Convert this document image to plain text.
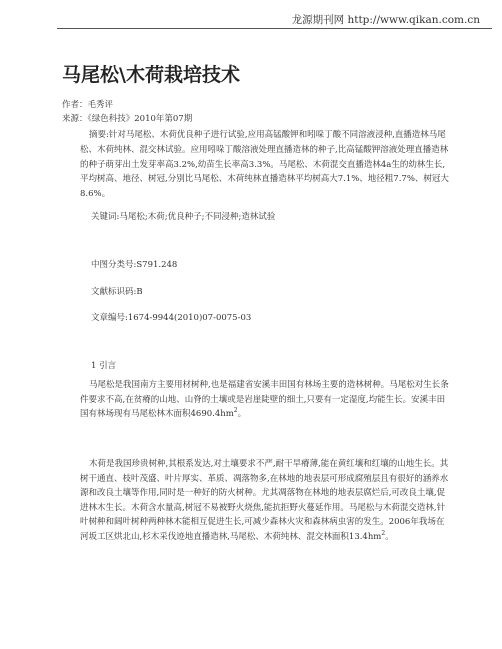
龙源期刊网 http://www.qikan.com.cn
马尾松\木荷栽培技术
作者：毛秀评
来源：《绿色科技》2010年第07期

摘要:针对马尾松、木荷优良种子进行试验,应用高锰酸钾和吲哚丁酸不同溶液浸种,直播造林马尾松、木荷纯林、混交林试验。应用吲哚丁酸溶液处理直播造林的种子,比高锰酸钾溶液处理直播造林的种子萌芽出土发芽率高3.2%,幼苗生长率高3.3%。马尾松、木荷混交直播造林4a生的幼林生长,平均树高、地径、树冠,分别比马尾松、木荷纯林直播造林平均树高大7.1%、地径粗7.7%、树冠大8.6%。

关键词:马尾松;木荷;优良种子;不同浸种;造林试验
中图分类号:S791.248
文献标识码:B
文章编号:1674-9944(2010)07-0075-03
1 引言

马尾松是我国南方主要用材树种,也是福建省安溪丰田国有林场主要的造林树种。马尾松对生长条件要求不高,在贫瘠的山地、山脊的土壤或是岩崖陡壁的细土,只要有一定湿度,均能生长。安溪丰田国有林场现有马尾松林木面积$4690.4hm^2$。

木荷是我国珍贵树种,其根系发达,对土壤要求不严,耐干旱瘠薄,能在黄红壤和红壤的山地生长。其树干通直、枝叶茂盛、叶片厚实、革质、凋落物多,在林地的地表层可形成腐殖层且有很好的涵养水源和改良土壤等作用,同时是一种好的防火树种。尤其凋落物在林地的地表层腐烂后,可改良土壤,促进林木生长。木荷含水量高,树冠不易被野火烧焦,能抗拒野火蔓延作用。马尾松与木荷混交造林,针叶树种和阔叶树种两种林木能相互促进生长,可减少森林火灾和森林病虫害的发生。2006年我场在河坂工区烘北山,杉木采伐迹地直播造林,马尾松、木荷纯林、混交林面积$13.4hm^2$。
